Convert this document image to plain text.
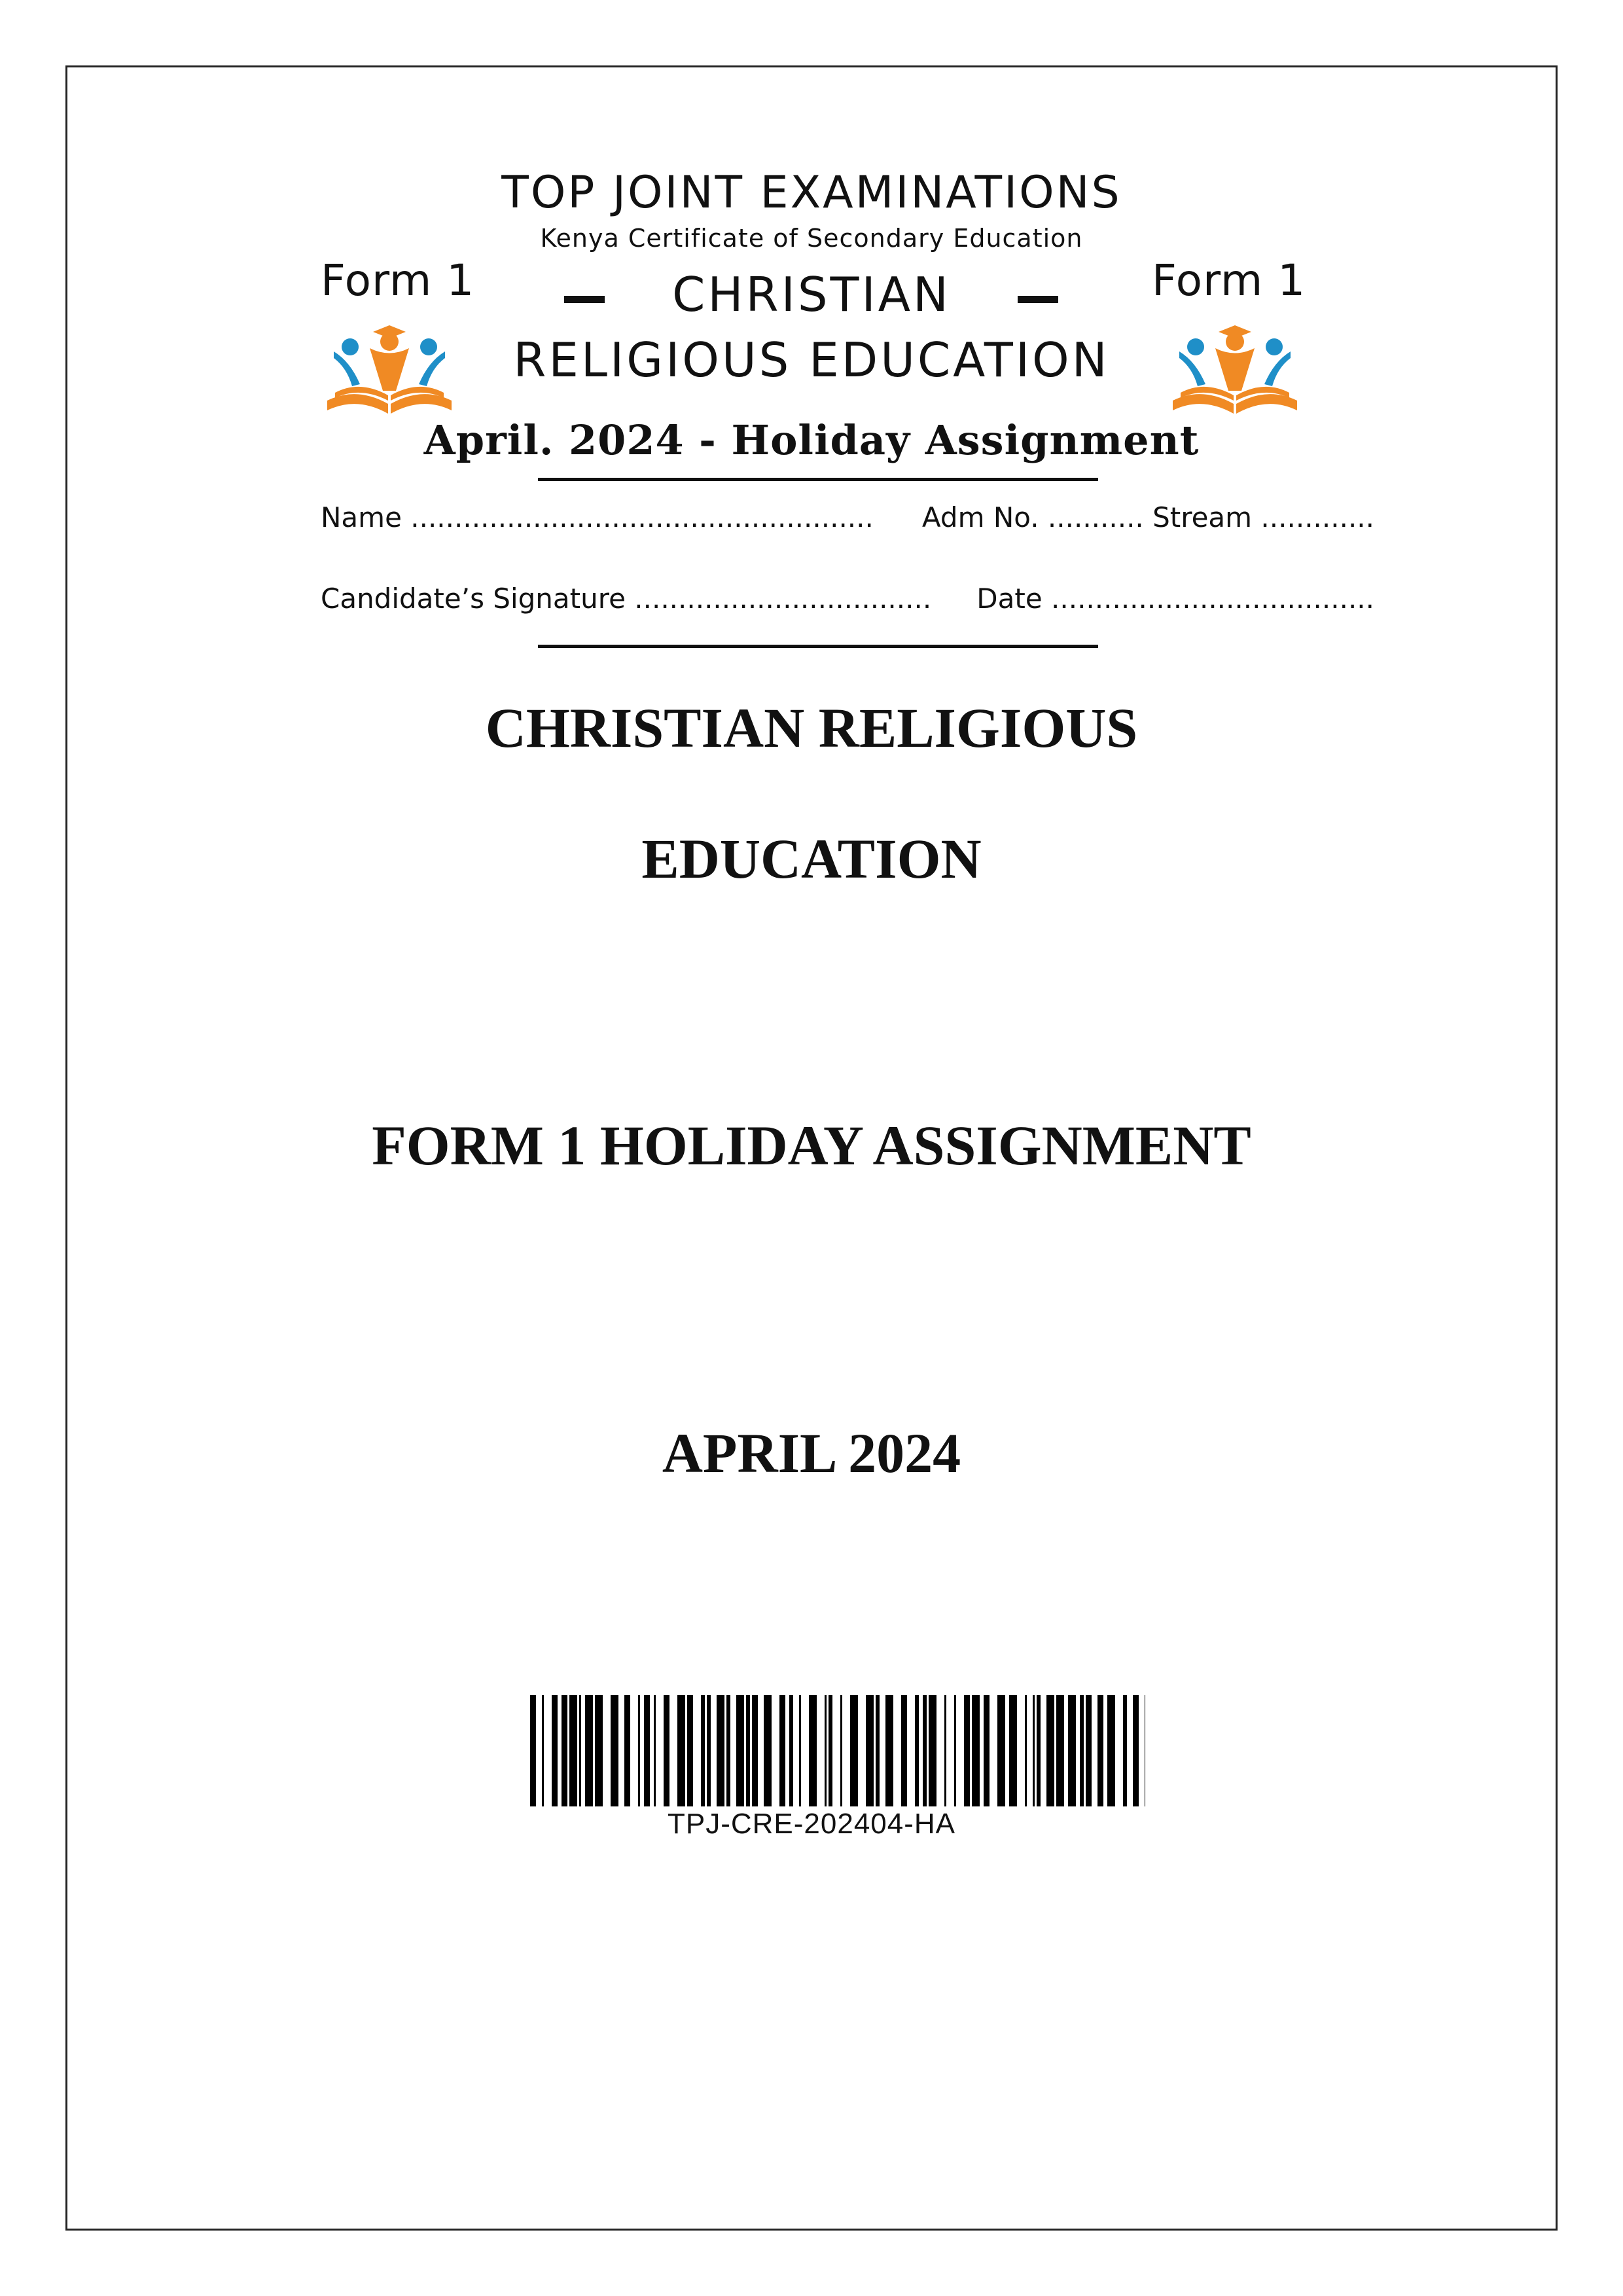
TOP JOINT EXAMINATIONS
Kenya Certificate of Secondary Education
Form 1	Form 1
CHRISTIAN
RELIGIOUS EDUCATION
April. 2024 - Holiday Assignment
Name ..................................................... Adm No. ........... Stream .............
Candidate’s Signature .................................. Date .....................................
CHRISTIAN RELIGIOUS
EDUCATION
FORM 1 HOLIDAY ASSIGNMENT
APRIL 2024
TPJ-CRE-202404-HA
